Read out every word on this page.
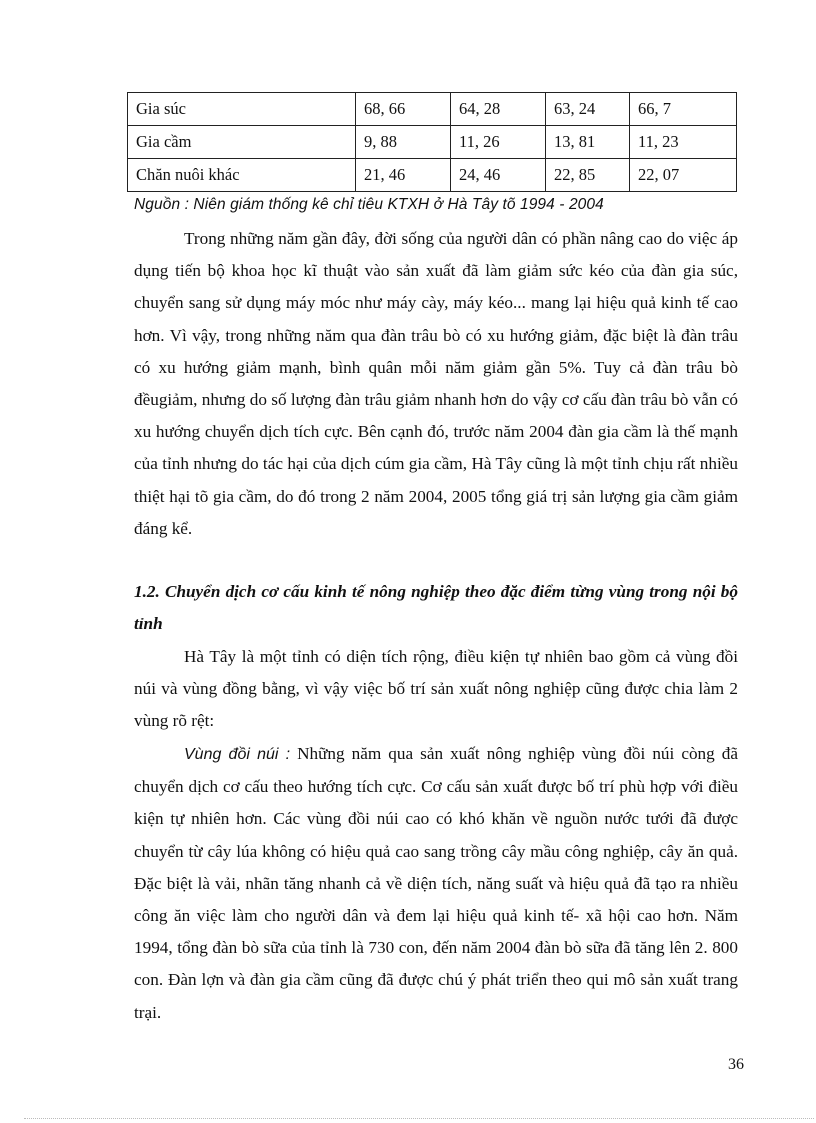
Gia súc	68, 66	64, 28	63, 24	66, 7
Gia cầm	9, 88	11, 26	13, 81	11, 23
Chăn nuôi khác	21, 46	24, 46	22, 85	22, 07
Nguồn : Niên giám thống kê chỉ tiêu KTXH ở Hà Tây tõ 1994 - 2004

Trong những năm gần đây, đời sống của người dân có phần nâng cao do việc áp dụng tiến bộ khoa học kĩ thuật vào sản xuất đã làm giảm sức kéo của đàn gia súc, chuyển sang sử dụng máy móc như máy cày, máy kéo... mang lại hiệu quả kinh tế cao hơn. Vì vậy, trong những năm qua đàn trâu bò có xu hướng giảm, đặc biệt là đàn trâu có xu hướng giảm mạnh, bình quân mỗi năm giảm gần 5%. Tuy cả đàn trâu bò đềugiảm, nhưng do số lượng đàn trâu giảm nhanh hơn do vậy cơ cấu đàn trâu bò vẫn có xu hướng chuyển dịch tích cực. Bên cạnh đó, trước năm 2004 đàn gia cầm là thế mạnh của tỉnh nhưng do tác hại của dịch cúm gia cầm, Hà Tây cũng là một tỉnh chịu rất nhiều thiệt hại tõ gia cầm, do đó trong 2 năm 2004, 2005 tổng giá trị sản lượng gia cầm giảm đáng kể.

1.2. Chuyển dịch cơ cấu kinh tế nông nghiệp theo đặc điểm từng vùng trong nội bộ tỉnh

Hà Tây là một tỉnh có diện tích rộng, điều kiện tự nhiên bao gồm cả vùng đồi núi và vùng đồng bằng, vì vậy việc bố trí sản xuất nông nghiệp cũng được chia làm 2 vùng rõ rệt:

Vùng đồi núi : Những năm qua sản xuất nông nghiệp vùng đồi núi còng đã chuyển dịch cơ cấu theo hướng tích cực. Cơ cấu sản xuất được bố trí phù hợp với điều kiện tự nhiên hơn. Các vùng đồi núi cao có khó khăn về nguồn nước tưới đã được chuyển từ cây lúa không có hiệu quả cao sang trồng cây mầu công nghiệp, cây ăn quả. Đặc biệt là vải, nhãn tăng nhanh cả về diện tích, năng suất và hiệu quả đã tạo ra nhiều công ăn việc làm cho người dân và đem lại hiệu quả kinh tế- xã hội cao hơn. Năm 1994, tổng đàn bò sữa của tỉnh là 730 con, đến năm 2004 đàn bò sữa đã tăng lên 2. 800 con. Đàn lợn và đàn gia cầm cũng đã được chú ý phát triển theo qui mô sản xuất trang trại.

36
